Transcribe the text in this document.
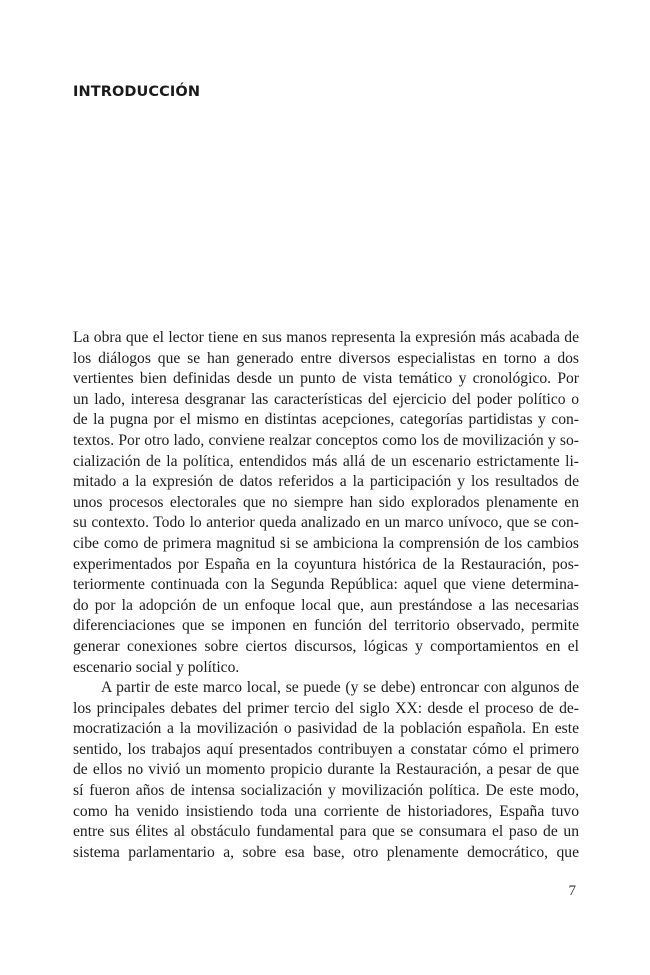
INTRODUCCIÓN
La obra que el lector tiene en sus manos representa la expresión más acabada de
los diálogos que se han generado entre diversos especialistas en torno a dos
vertientes bien definidas desde un punto de vista temático y cronológico. Por
un lado, interesa desgranar las características del ejercicio del poder político o
de la pugna por el mismo en distintas acepciones, categorías partidistas y con-
textos. Por otro lado, conviene realzar conceptos como los de movilización y so-
cialización de la política, entendidos más allá de un escenario estrictamente li-
mitado a la expresión de datos referidos a la participación y los resultados de
unos procesos electorales que no siempre han sido explorados plenamente en
su contexto. Todo lo anterior queda analizado en un marco unívoco, que se con-
cibe como de primera magnitud si se ambiciona la comprensión de los cambios
experimentados por España en la coyuntura histórica de la Restauración, pos-
teriormente continuada con la Segunda República: aquel que viene determina-
do por la adopción de un enfoque local que, aun prestándose a las necesarias
diferenciaciones que se imponen en función del territorio observado, permite
generar conexiones sobre ciertos discursos, lógicas y comportamientos en el
escenario social y político.
A partir de este marco local, se puede (y se debe) entroncar con algunos de
los principales debates del primer tercio del siglo XX: desde el proceso de de-
mocratización a la movilización o pasividad de la población española. En este
sentido, los trabajos aquí presentados contribuyen a constatar cómo el primero
de ellos no vivió un momento propicio durante la Restauración, a pesar de que
sí fueron años de intensa socialización y movilización política. De este modo,
como ha venido insistiendo toda una corriente de historiadores, España tuvo
entre sus élites al obstáculo fundamental para que se consumara el paso de un
sistema parlamentario a, sobre esa base, otro plenamente democrático, que
7
